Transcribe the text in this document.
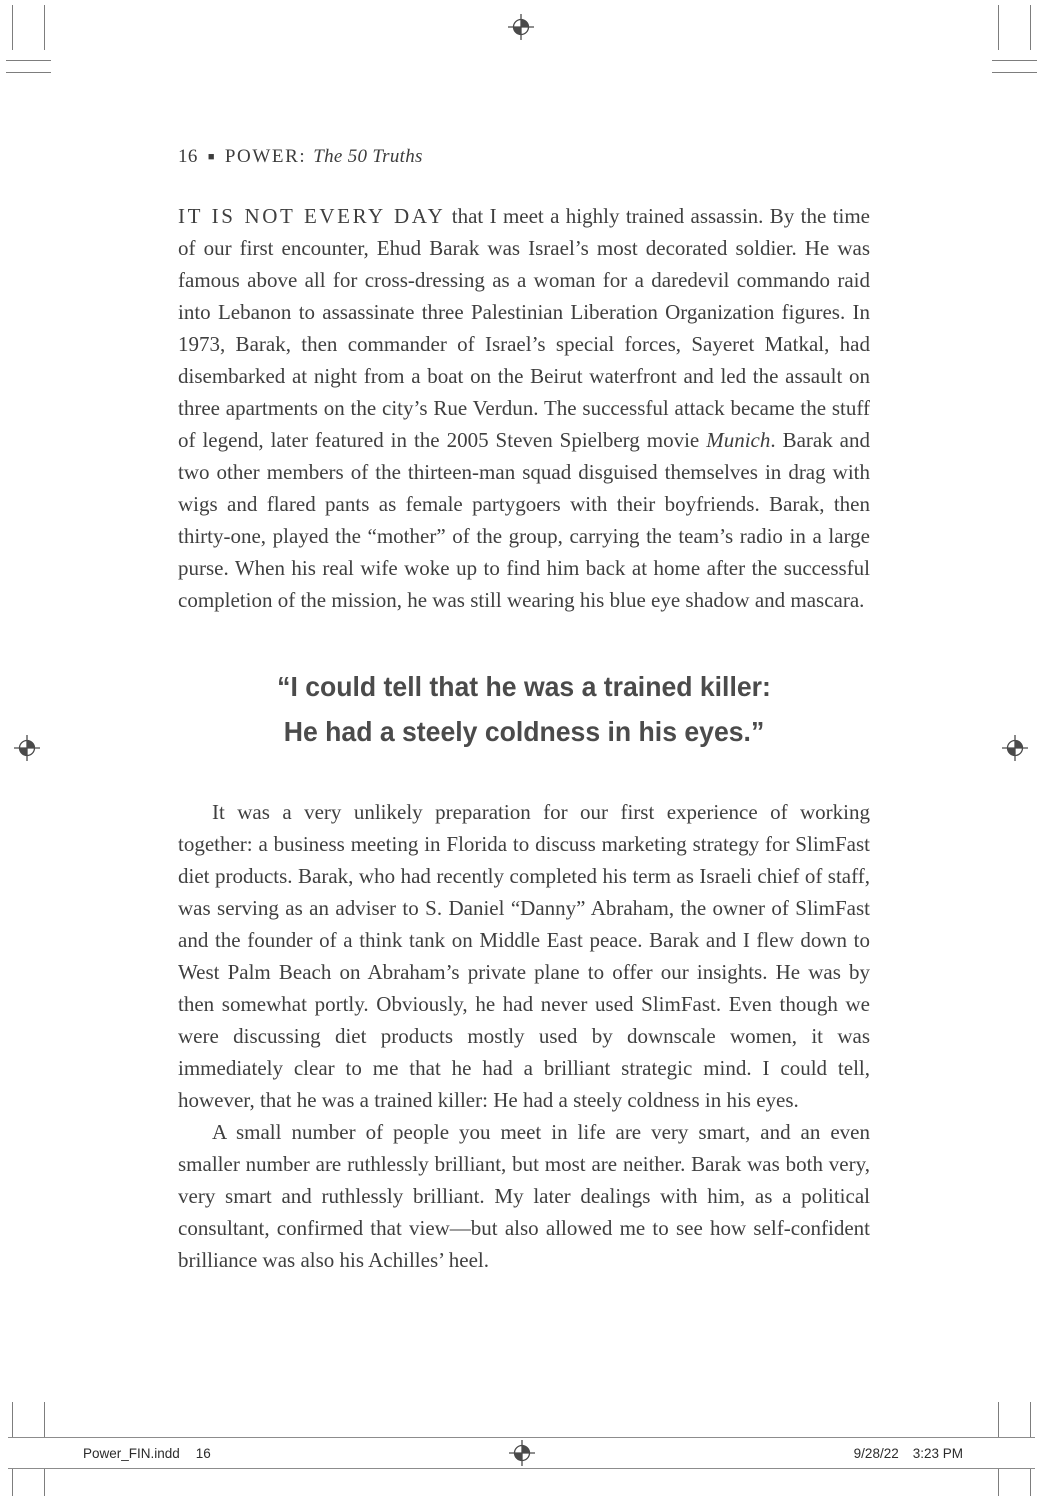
16 ■ POWER: The 50 Truths

IT IS NOT EVERY DAY that I meet a highly trained assassin. By the time of our first encounter, Ehud Barak was Israel’s most decorated soldier. He was famous above all for cross-dressing as a woman for a daredevil commando raid into Lebanon to assassinate three Palestinian Liberation Organization figures. In 1973, Barak, then commander of Israel’s special forces, Sayeret Matkal, had disembarked at night from a boat on the Beirut waterfront and led the assault on three apartments on the city’s Rue Verdun. The successful attack became the stuff of legend, later featured in the 2005 Steven Spielberg movie Munich. Barak and two other members of the thirteen-man squad disguised themselves in drag with wigs and flared pants as female partygoers with their boyfriends. Barak, then thirty-one, played the “mother” of the group, carrying the team’s radio in a large purse. When his real wife woke up to find him back at home after the successful completion of the mission, he was still wearing his blue eye shadow and mascara.

“I could tell that he was a trained killer:
He had a steely coldness in his eyes.”

It was a very unlikely preparation for our first experience of working together: a business meeting in Florida to discuss marketing strategy for SlimFast diet products. Barak, who had recently completed his term as Israeli chief of staff, was serving as an adviser to S. Daniel “Danny” Abraham, the owner of SlimFast and the founder of a think tank on Middle East peace. Barak and I flew down to West Palm Beach on Abraham’s private plane to offer our insights. He was by then somewhat portly. Obviously, he had never used SlimFast. Even though we were discussing diet products mostly used by downscale women, it was immediately clear to me that he had a brilliant strategic mind. I could tell, however, that he was a trained killer: He had a steely coldness in his eyes.

A small number of people you meet in life are very smart, and an even smaller number are ruthlessly brilliant, but most are neither. Barak was both very, very smart and ruthlessly brilliant. My later dealings with him, as a political consultant, confirmed that view—but also allowed me to see how self-confident brilliance was also his Achilles’ heel.

Power_FIN.indd 16	9/28/22 3:23 PM
